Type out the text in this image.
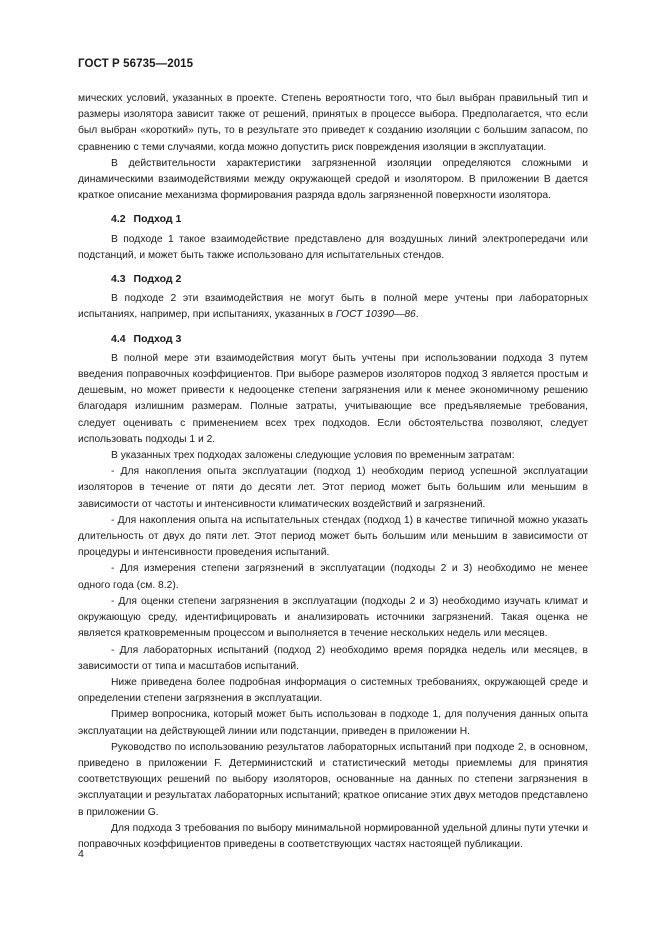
ГОСТ Р 56735—2015

мических условий, указанных в проекте. Степень вероятности того, что был выбран правильный тип и размеры изолятора зависит также от решений, принятых в процессе выбора. Предполагается, что если был выбран «короткий» путь, то в результате это приведет к созданию изоляции с большим запасом, по сравнению с теми случаями, когда можно допустить риск повреждения изоляции в эксплуатации.

В действительности характеристики загрязненной изоляции определяются сложными и динамическими взаимодействиями между окружающей средой и изолятором. В приложении В дается краткое описание механизма формирования разряда вдоль загрязненной поверхности изолятора.

4.2 Подход 1

В подходе 1 такое взаимодействие представлено для воздушных линий электропередачи или подстанций, и может быть также использовано для испытательных стендов.

4.3 Подход 2

В подходе 2 эти взаимодействия не могут быть в полной мере учтены при лабораторных испытаниях, например, при испытаниях, указанных в ГОСТ 10390—86.

4.4 Подход 3

В полной мере эти взаимодействия могут быть учтены при использовании подхода 3 путем введения поправочных коэффициентов. При выборе размеров изоляторов подход 3 является простым и дешевым, но может привести к недооценке степени загрязнения или к менее экономичному решению благодаря излишним размерам. Полные затраты, учитывающие все предъявляемые требования, следует оценивать с применением всех трех подходов. Если обстоятельства позволяют, следует использовать подходы 1 и 2.

В указанных трех подходах заложены следующие условия по временным затратам:

- Для накопления опыта эксплуатации (подход 1) необходим период успешной эксплуатации изоляторов в течение от пяти до десяти лет. Этот период может быть большим или меньшим в зависимости от частоты и интенсивности климатических воздействий и загрязнений.

- Для накопления опыта на испытательных стендах (подход 1) в качестве типичной можно указать длительность от двух до пяти лет. Этот период может быть большим или меньшим в зависимости от процедуры и интенсивности проведения испытаний.

- Для измерения степени загрязнений в эксплуатации (подходы 2 и 3) необходимо не менее одного года (см. 8.2).

- Для оценки степени загрязнения в эксплуатации (подходы 2 и 3) необходимо изучать климат и окружающую среду, идентифицировать и анализировать источники загрязнений. Такая оценка не является кратковременным процессом и выполняется в течение нескольких недель или месяцев.

- Для лабораторных испытаний (подход 2) необходимо время порядка недель или месяцев, в зависимости от типа и масштабов испытаний.

Ниже приведена более подробная информация о системных требованиях, окружающей среде и определении степени загрязнения в эксплуатации.

Пример вопросника, который может быть использован в подходе 1, для получения данных опыта эксплуатации на действующей линии или подстанции, приведен в приложении Н.

Руководство по использованию результатов лабораторных испытаний при подходе 2, в основном, приведено в приложении F. Детерминистский и статистический методы приемлемы для принятия соответствующих решений по выбору изоляторов, основанные на данных по степени загрязнения в эксплуатации и результатах лабораторных испытаний; краткое описание этих двух методов представлено в приложении G.

Для подхода 3 требования по выбору минимальной нормированной удельной длины пути утечки и поправочных коэффициентов приведены в соответствующих частях настоящей публикации.

4
